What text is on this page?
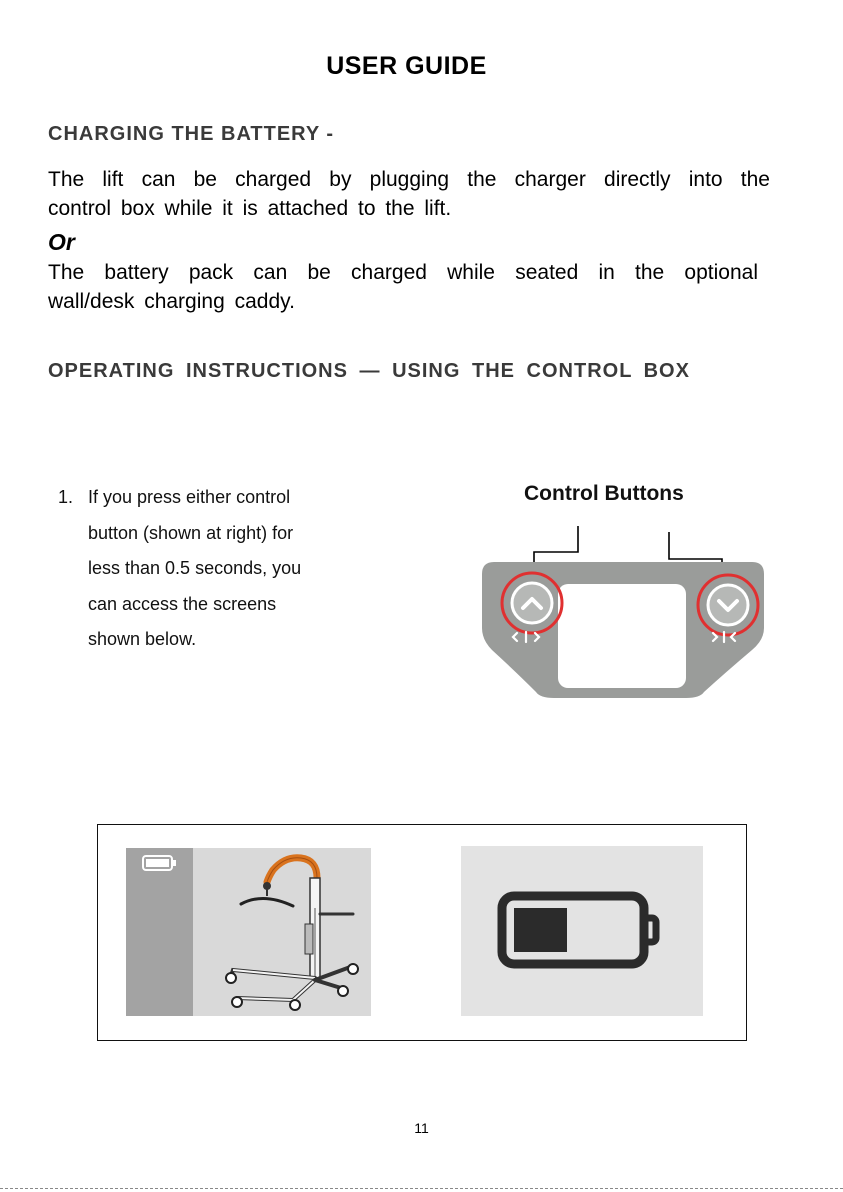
USER GUIDE
CHARGING THE BATTERY -
The lift can be charged by plugging the charger directly into the
control box while it is attached to the lift.
Or
The battery pack can be charged while seated in the optional
wall/desk charging caddy.
OPERATING INSTRUCTIONS — USING THE CONTROL BOX
1. If you press either control
button (shown at right) for
less than 0.5 seconds, you
can access the screens
shown below.
Control Buttons
11
